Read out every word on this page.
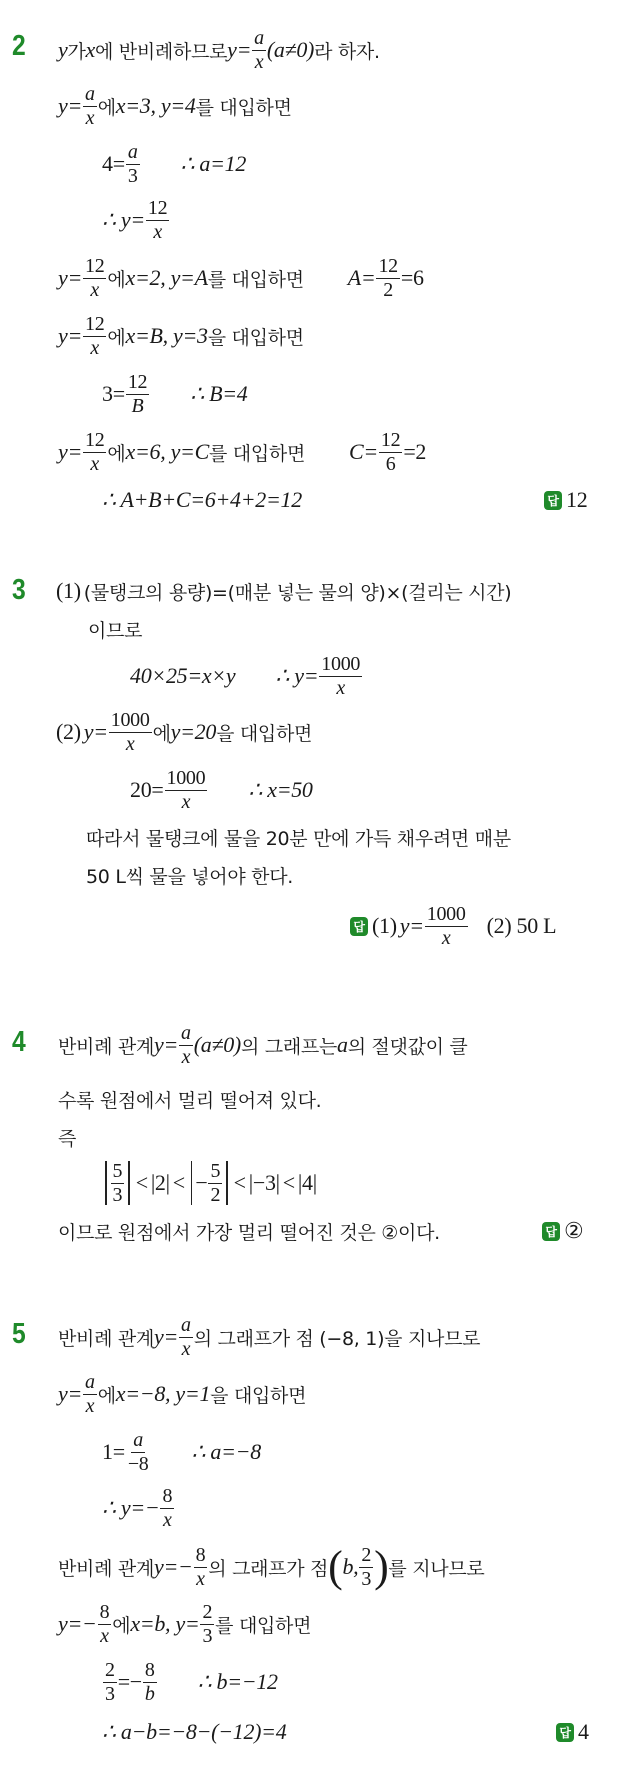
2 y 가 x 에 반비례하므로 $y= \frac{a}{x} (a\ne 0)$ 라 하자.
$y= \frac{a}{x}$ 에 x=3, y=4 를 대입하면
$4= \frac{a}{3}$ ∴ a=12
∴ $y= \frac{12}{x}$
$y= \frac{12}{x}$ 에 x=2, y=A 를 대입하면 $A= \frac{12}{2} =6$
$y= \frac{12}{x}$ 에 x=B, y=3 을 대입하면
$3= \frac{12}{B}$ ∴ B=4
$y= \frac{12}{x}$ 에 x=6, y=C 를 대입하면 $C= \frac{12}{6} =2$
∴ A+B+C=6+4+2=12	답 12
3 (1) (물탱크의 용량)=(매분 넣는 물의 양)×(걸리는 시간)
이므로
40×25=x×y ∴ $y= \frac{1000}{x}$
(2) $y= \frac{1000}{x}$ 에 y=20 을 대입하면
$20= \frac{1000}{x}$ ∴ x=50
따라서 물탱크에 물을 20분 만에 가득 채우려면 매분
50 L씩 물을 넣어야 한다.
답 (1) $y= \frac{1000}{x} (2)$ 50 L
4 반비례 관계 $y= \frac{a}{x} (a\ne 0)$ 의 그래프는 a 의 절댓값이 클
수록 원점에서 멀리 떨어져 있다.
즉
$\frac{5}{3} < |2|$ < − $\frac{5}{2} < |-3| < |4|$
이므로 원점에서 가장 멀리 떨어진 것은 ②이다.	답 ②
5 반비례 관계 $y= \frac{a}{x}$ 의 그래프가 점 (−8, 1)을 지나므로
$y= \frac{a}{x}$ 에 x=−8, y=1 을 대입하면
$1= \frac{a}{-8}$ ∴ a=−8
∴ $y=- \frac{8}{x}$
반비례 관계 $y=- \frac{8}{x}$ 의 그래프가 점 ( b, $\frac{2}{3}$ ) 를 지나므로
$y=- \frac{8}{x}$ 에 x=b, $y= \frac{2}{3}$ 를 대입하면
$\frac{2}{3} =- \frac{8}{b}$ ∴ b=−12
∴ a−b=−8−(−12)=4	답 4
